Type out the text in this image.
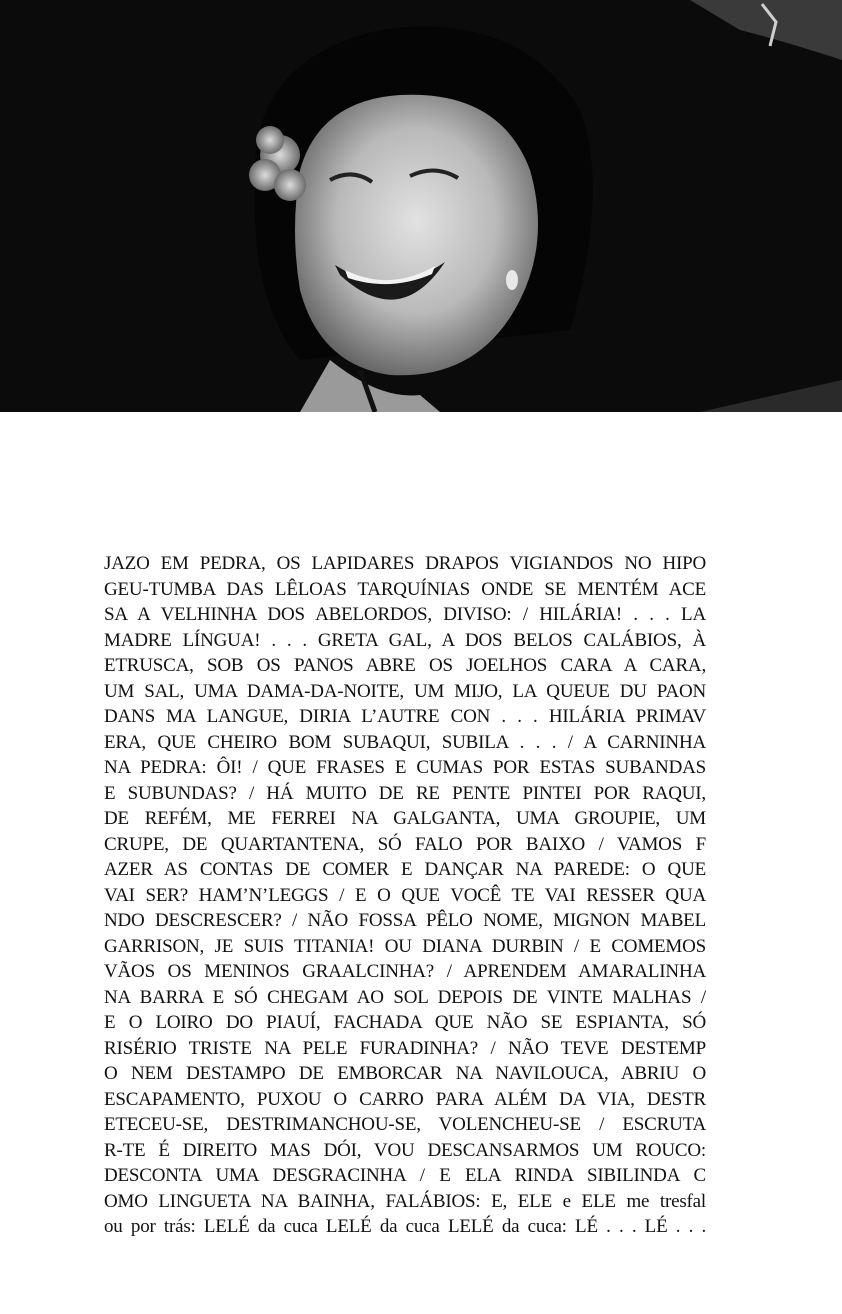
JAZO EM PEDRA, OS LAPIDARES DRAPOS VIGIANDOS NO HIPO
GEU-TUMBA DAS LÊLOAS TARQUÍNIAS ONDE SE MENTÉM ACE
SA A VELHINHA DOS ABELORDOS, DIVISO: / HILÁRIA! . . . LA
MADRE LÍNGUA! . . . GRETA GAL, A DOS BELOS CALÁBIOS, À
ETRUSCA, SOB OS PANOS ABRE OS JOELHOS CARA A CARA,
UM SAL, UMA DAMA-DA-NOITE, UM MIJO, LA QUEUE DU PAON
DANS MA LANGUE, DIRIA L’AUTRE CON . . . HILÁRIA PRIMAV
ERA, QUE CHEIRO BOM SUBAQUI, SUBILA . . . / A CARNINHA
NA PEDRA: ÔI! / QUE FRASES E CUMAS POR ESTAS SUBANDAS
E SUBUNDAS? / HÁ MUITO DE RE PENTE PINTEI POR RAQUI,
DE REFÉM, ME FERREI NA GALGANTA, UMA GROUPIE, UM
CRUPE, DE QUARTANTENA, SÓ FALO POR BAIXO / VAMOS F
AZER AS CONTAS DE COMER E DANÇAR NA PAREDE: O QUE
VAI SER? HAM’N’LEGGS / E O QUE VOCÊ TE VAI RESSER QUA
NDO DESCRESCER? / NÃO FOSSA PÊLO NOME, MIGNON MABEL
GARRISON, JE SUIS TITANIA! OU DIANA DURBIN / E COMEMOS
VÃOS OS MENINOS GRAALCINHA? / APRENDEM AMARALINHA
NA BARRA E SÓ CHEGAM AO SOL DEPOIS DE VINTE MALHAS /
E O LOIRO DO PIAUÍ, FACHADA QUE NÃO SE ESPIANTA, SÓ
RISÉRIO TRISTE NA PELE FURADINHA? / NÃO TEVE DESTEMP
O NEM DESTAMPO DE EMBORCAR NA NAVILOUCA, ABRIU O
ESCAPAMENTO, PUXOU O CARRO PARA ALÉM DA VIA, DESTR
ETECEU-SE, DESTRIMANCHOU-SE, VOLENCHEU-SE / ESCRUTA
R-TE É DIREITO MAS DÓI, VOU DESCANSARMOS UM ROUCO:
DESCONTA UMA DESGRACINHA / E ELA RINDA SIBILINDA C
OMO LINGUETA NA BAINHA, FALÁBIOS: E, ELE e ELE me tresfal
ou por trás: LELÉ da cuca LELÉ da cuca LELÉ da cuca: LÉ . . . LÉ . . .
